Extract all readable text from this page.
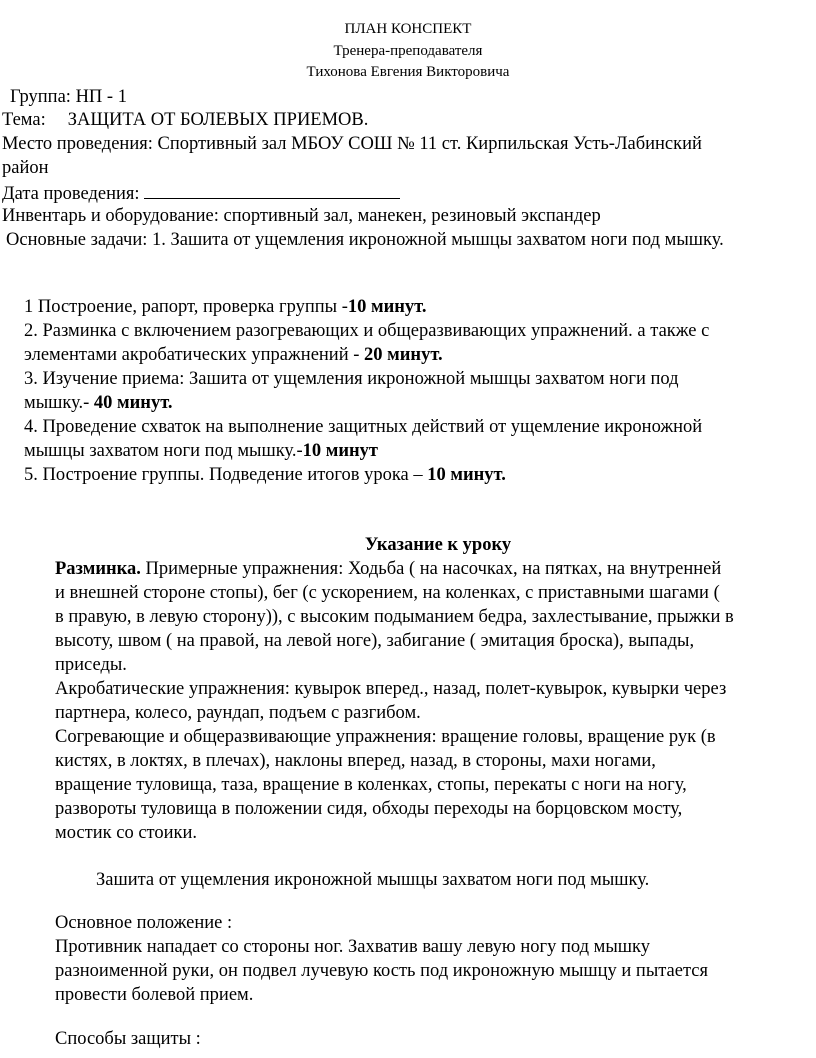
ПЛАН КОНСПЕКТ
Тренера-преподавателя
Тихонова Евгения Викторовича
Группа: НП - 1
Тема: ЗАЩИТА ОТ БОЛЕВЫХ ПРИЕМОВ.
Место проведения: Спортивный зал МБОУ СОШ № 11 ст. Кирпильская Усть-Лабинский
район
Дата проведения:
Инвентарь и оборудование: спортивный зал, манекен, резиновый экспандер
Основные задачи: 1. Зашита от ущемления икроножной мышцы захватом ноги под мышку.
1 Построение, рапорт, проверка группы -10 минут.
2. Разминка с включением разогревающих и общеразвивающих упражнений. а также с
элементами акробатических упражнений - 20 минут.
3. Изучение приема: Зашита от ущемления икроножной мышцы захватом ноги под
мышку.- 40 минут.
4. Проведение схваток на выполнение защитных действий от ущемление икроножной
мышцы захватом ноги под мышку.-10 минут
5. Построение группы. Подведение итогов урока – 10 минут.
Указание к уроку

Разминка. Примерные упражнения: Ходьба ( на насочках, на пятках, на внутренней

и внешней стороне стопы), бег (с ускорением, на коленках, с приставными шагами (

в правую, в левую сторону)), с высоким подыманием бедра, захлестывание, прыжки в

высоту, швом ( на правой, на левой ноге), забигание ( эмитация броска), выпады,

приседы.

Акробатические упражнения: кувырок вперед., назад, полет-кувырок, кувырки через

партнера, колесо, раундап, подъем с разгибом.

Согревающие и общеразвивающие упражнения: вращение головы, вращение рук (в

кистях, в локтях, в плечах), наклоны вперед, назад, в стороны, махи ногами,

вращение туловища, таза, вращение в коленках, стопы, перекаты с ноги на ногу,

развороты туловища в положении сидя, обходы переходы на борцовском мосту,

мостик со стоики.

Зашита от ущемления икроножной мышцы захватом ноги под мышку.
Основное положение :
Противник нападает со стороны ног. Захватив вашу левую ногу под мышку
разноименной руки, он подвел лучевую кость под икроножную мышцу и пытается
провести болевой прием.
Способы защиты :
